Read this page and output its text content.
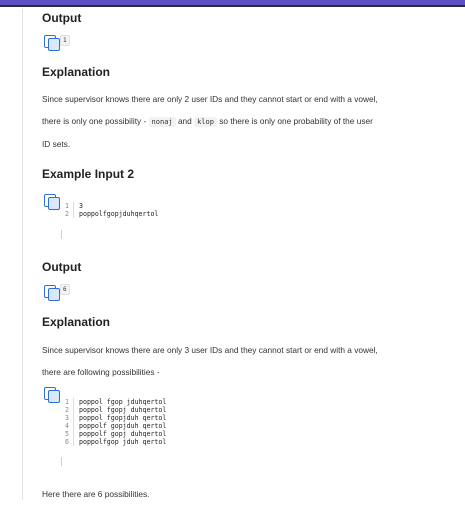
Output
1
Explanation

Since supervisor knows there are only 2 user IDs and they cannot start or end with a vowel, there is only one possibility - nonaj and klop so there is only one probability of the user ID sets.

Example Input 2
1	3
2	poppolfgopjduhqertol
Output
6
Explanation

Since supervisor knows there are only 3 user IDs and they cannot start or end with a vowel, there are following possibilities -

1	poppol fgop jduhqertol
2	poppol fgopj duhqertol
3	poppol fgopjduh qertol
4	poppolf gopjduh qertol
5	poppolf gopj duhqertol
6	poppolfgop jduh qertol

Here there are 6 possibilities.
